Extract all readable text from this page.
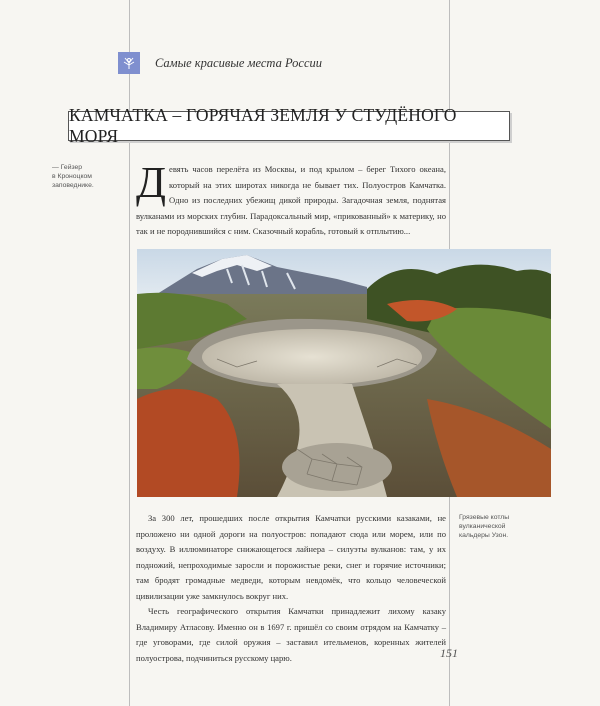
Самые красивые места России
КАМЧАТКА – ГОРЯЧАЯ ЗЕМЛЯ У СТУДЁНОГО МОРЯ
— Гейзер
в Кроноцком
заповеднике. Девять часов перелёта из Москвы, и под крылом – берег Тихого океана, который на этих широтах никогда не бывает тих. Полуостров Камчатка. Одно из последних убежищ дикой природы. Загадочная земля, поднятая вулканами из морских глубин. Парадоксальный мир, «прикованный» к материку, но так и не породнившийся с ним. Сказочный корабль, готовый к отплытию...
Грязевые котлы
вулканической
кальдеры Узон.

За 300 лет, прошедших после открытия Камчатки русскими казаками, не проложено ни одной дороги на полуостров: попадают сюда или морем, или по воздуху. В иллюминаторе снижающегося лайнера – силуэты вулканов: там, у их подножий, непроходимые заросли и порожистые реки, снег и горячие источники; там бродят громадные медведи, которым невдомёк, что кольцо человеческой цивилизации уже замкнулось вокруг них.

Честь географического открытия Камчатки принадлежит лихому казаку Владимиру Атласову. Именно он в 1697 г. пришёл со своим отрядом на Камчатку – где уговорами, где силой оружия – заставил ительменов, коренных жителей полуострова, подчиниться русскому царю.	151
